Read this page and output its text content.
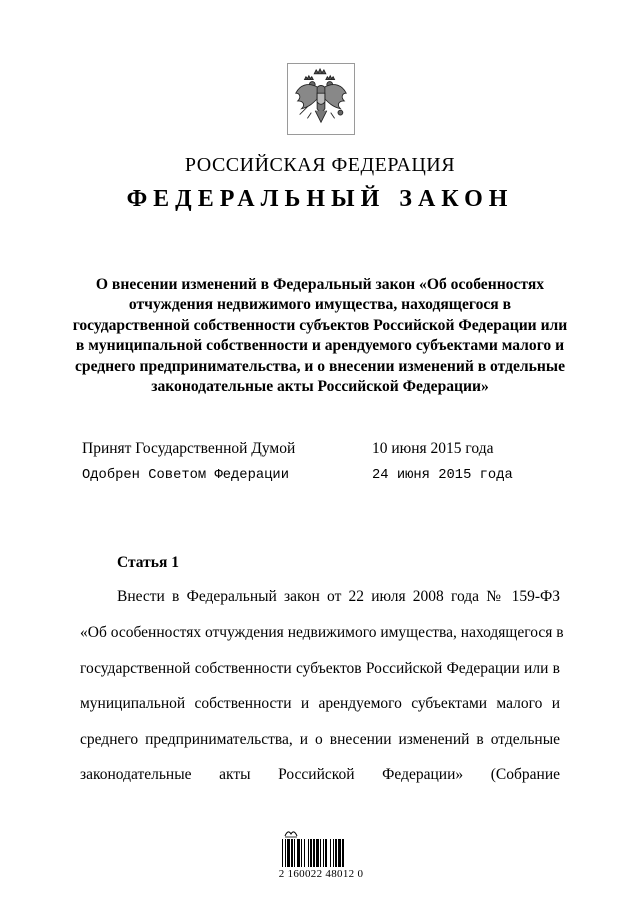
РОССИЙСКАЯ ФЕДЕРАЦИЯ
ФЕДЕРАЛЬНЫЙ ЗАКОН
О внесении изменений в Федеральный закон «Об особенностях
отчуждения недвижимого имущества, находящегося в
государственной собственности субъектов Российской Федерации или
в муниципальной собственности и арендуемого субъектами малого и
среднего предпринимательства, и о внесении изменений в отдельные
законодательные акты Российской Федерации»
Принят Государственной Думой	10 июня 2015 года
Одобрен Советом Федерации	24 июня 2015 года
Статья 1
Внести в Федеральный закон от 22 июля 2008 года № 159-ФЗ
«Об особенностях отчуждения недвижимого имущества, находящегося в
государственной собственности субъектов Российской Федерации или в
муниципальной собственности и арендуемого субъектами малого и
среднего предпринимательства, и о внесении изменений в отдельные
законодательные акты Российской Федерации» (Собрание
2 160022 48012 0
